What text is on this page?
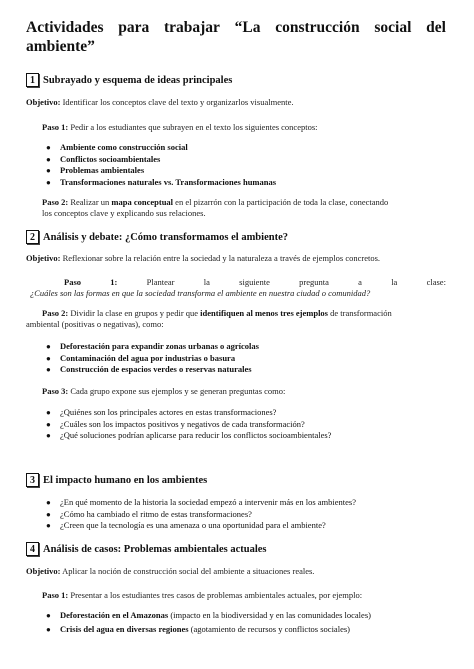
Actividades para trabajar “La construcción social del
ambiente”
1 Subrayado y esquema de ideas principales
Objetivo: Identificar los conceptos clave del texto y organizarlos visualmente.
Paso 1: Pedir a los estudiantes que subrayen en el texto los siguientes conceptos:
●	Ambiente como construcción social
●	Conflictos socioambientales
●	Problemas ambientales
●	Transformaciones naturales vs. Transformaciones humanas
Paso 2: Realizar un mapa conceptual en el pizarrón con la participación de toda la clase, conectando
los conceptos clave y explicando sus relaciones.
2 Análisis y debate: ¿Cómo transformamos el ambiente?
Objetivo: Reflexionar sobre la relación entre la sociedad y la naturaleza a través de ejemplos concretos.
Paso	1:	Plantear	la	siguiente	pregunta	a	la	clase:
¿Cuáles son las formas en que la sociedad transforma el ambiente en nuestra ciudad o comunidad?
Paso 2: Dividir la clase en grupos y pedir que identifiquen al menos tres ejemplos de transformación
ambiental (positivas o negativas), como:
●	Deforestación para expandir zonas urbanas o agrícolas
●	Contaminación del agua por industrias o basura
●	Construcción de espacios verdes o reservas naturales
Paso 3: Cada grupo expone sus ejemplos y se generan preguntas como:
●	¿Quiénes son los principales actores en estas transformaciones?
●	¿Cuáles son los impactos positivos y negativos de cada transformación?
●	¿Qué soluciones podrían aplicarse para reducir los conflictos socioambientales?
3 El impacto humano en los ambientes
●	¿En qué momento de la historia la sociedad empezó a intervenir más en los ambientes?
●	¿Cómo ha cambiado el ritmo de estas transformaciones?
●	¿Creen que la tecnología es una amenaza o una oportunidad para el ambiente?
4 Análisis de casos: Problemas ambientales actuales
Objetivo: Aplicar la noción de construcción social del ambiente a situaciones reales.
Paso 1: Presentar a los estudiantes tres casos de problemas ambientales actuales, por ejemplo:
●	Deforestación en el Amazonas (impacto en la biodiversidad y en las comunidades locales)
●	Crisis del agua en diversas regiones (agotamiento de recursos y conflictos sociales)
